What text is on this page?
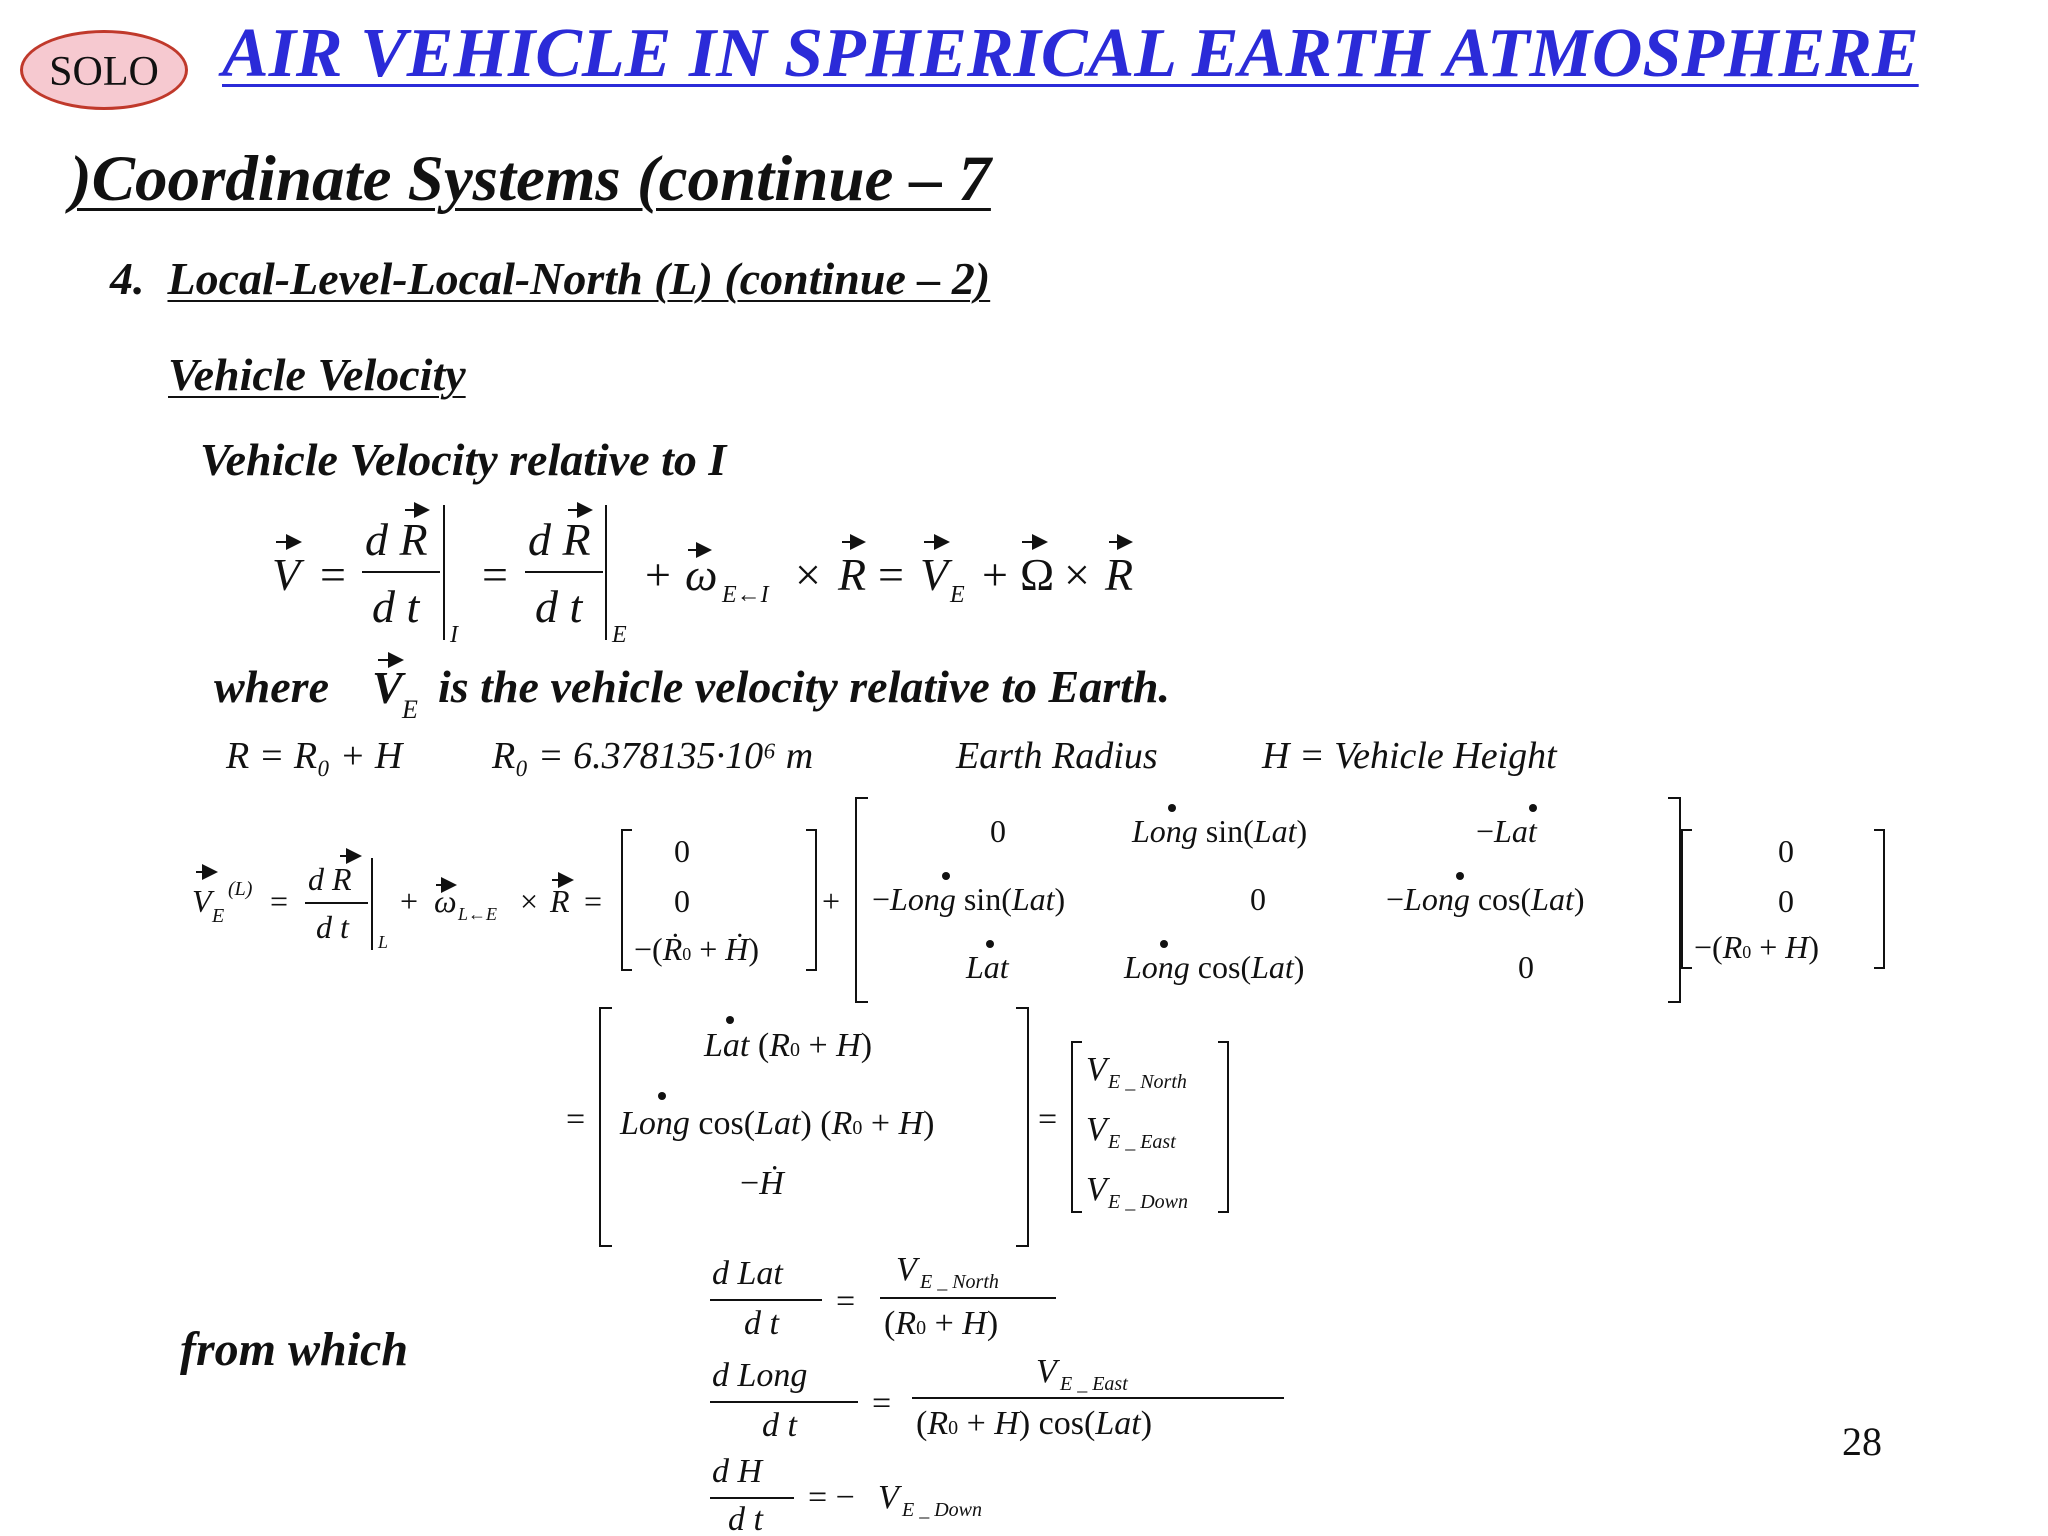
SOLO AIR VEHICLE IN SPHERICAL EARTH ATMOSPHERE
)Coordinate Systems (continue – 7
4. Local-Level-Local-North (L) (continue – 2)
Vehicle Velocity
Vehicle Velocity relative to I
where is the vehicle velocity relative to Earth.
from which
28
V =
d R
d t
I
=
d R
d t
E
+ ω E←I × R = V E + Ω × R
V E
R = R₀ + H R₀ = 6.378135·10⁶ m	Earth Radius	H = Vehicle Height
V (L)
E =
d R
d t L
+ ω L←E × R =
0
0
−(Ṙ0 + Ḣ)
+
0	Long sin(Lat)	−Lat
−Long sin(Lat)	0	−Long cos(Lat)
Lat	Long cos(Lat)	0
0
0
−(R0 + H)
=
Lat (R0 + H)
Long cos(Lat) (R0 + H)
−Ḣ
=
V E _ North
V E _ East
V E _ Down
d Lat
d t
=
V E _ North
(R0 + H)
d Long
d t
=
V E _ East
(R0 + H) cos(Lat)
d H
d t
= − V E _ Down
